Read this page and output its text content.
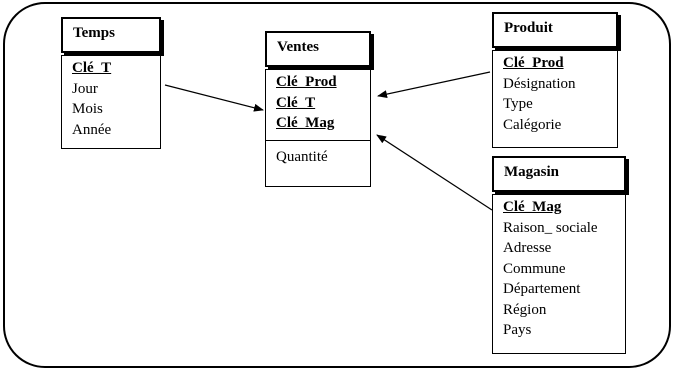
Temps
Clé_T
Jour
Mois
Année
Ventes
Clé_Prod
Clé_T
Clé_Mag
Quantité
Produit
Clé_Prod
Désignation
Type
Calégorie
Magasin
Clé_Mag
Raison_ sociale
Adresse
Commune
Département
Région
Pays
